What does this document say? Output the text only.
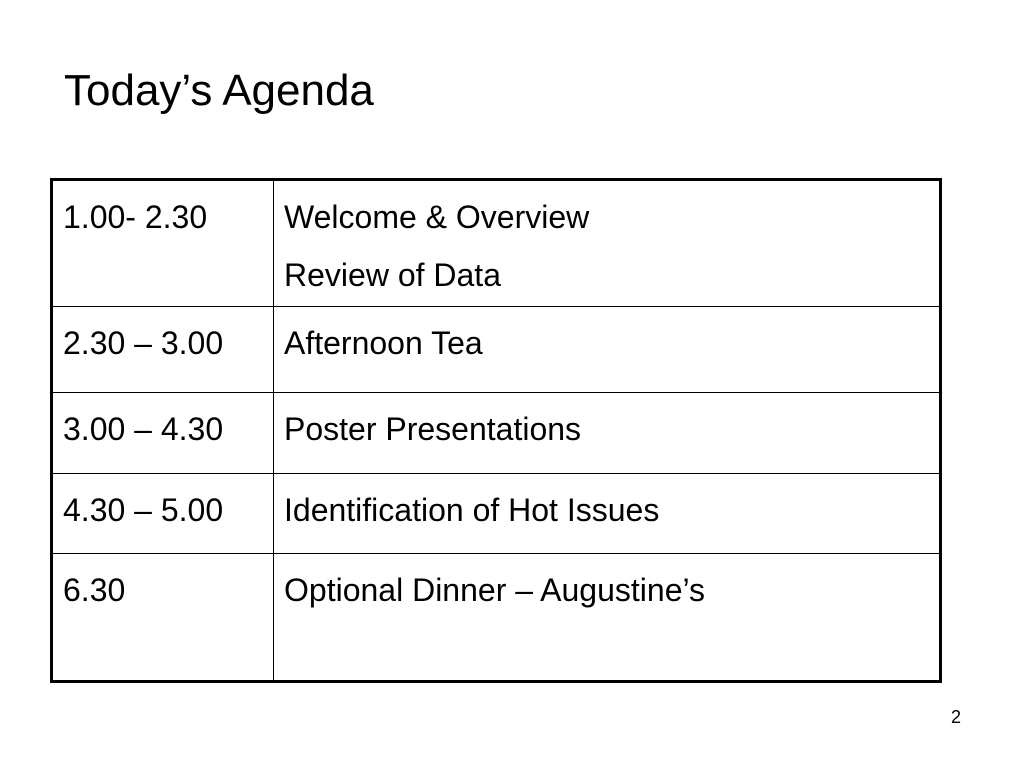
Today’s Agenda
1.00- 2.30	Welcome & Overview
Review of Data

2.30 – 3.00	Afternoon Tea

3.00 – 4.30	Poster Presentations

4.30 – 5.00	Identification of Hot Issues

6.30	Optional Dinner – Augustine’s
2
